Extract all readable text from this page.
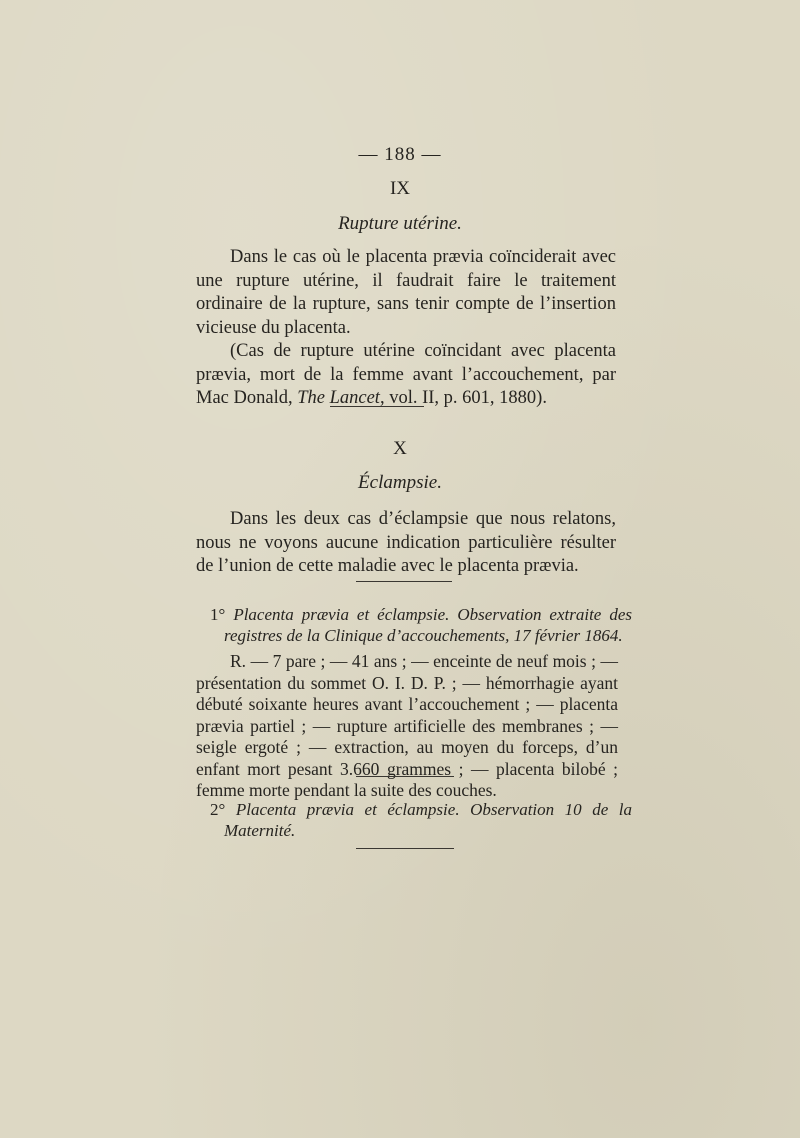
— 188 —
IX
Rupture utérine.

Dans le cas où le placenta prævia coïnciderait avec une rupture utérine, il faudrait faire le traitement ordinaire de la rupture, sans tenir compte de l’insertion vicieuse du placenta.

(Cas de rupture utérine coïncidant avec placenta prævia, mort de la femme avant l’accouchement, par Mac Donald, The Lancet, vol. II, p. 601, 1880).

X
Éclampsie.

Dans les deux cas d’éclampsie que nous relatons, nous ne voyons aucune indication particulière résulter de l’union de cette maladie avec le placenta prævia.

1° Placenta prævia et éclampsie. Observation extraite des registres de la Clinique d’accouchements, 17 février 1864.

R. — 7 pare ; — 41 ans ; — enceinte de neuf mois ; — présentation du sommet O. I. D. P. ; — hémorrhagie ayant débuté soixante heures avant l’accouchement ; — placenta prævia partiel ; — rupture artificielle des membranes ; — seigle ergoté ; — extraction, au moyen du forceps, d’un enfant mort pesant 3.660 grammes ; — placenta bilobé ; femme morte pendant la suite des couches.

2° Placenta prævia et éclampsie. Observation 10 de la Maternité.
